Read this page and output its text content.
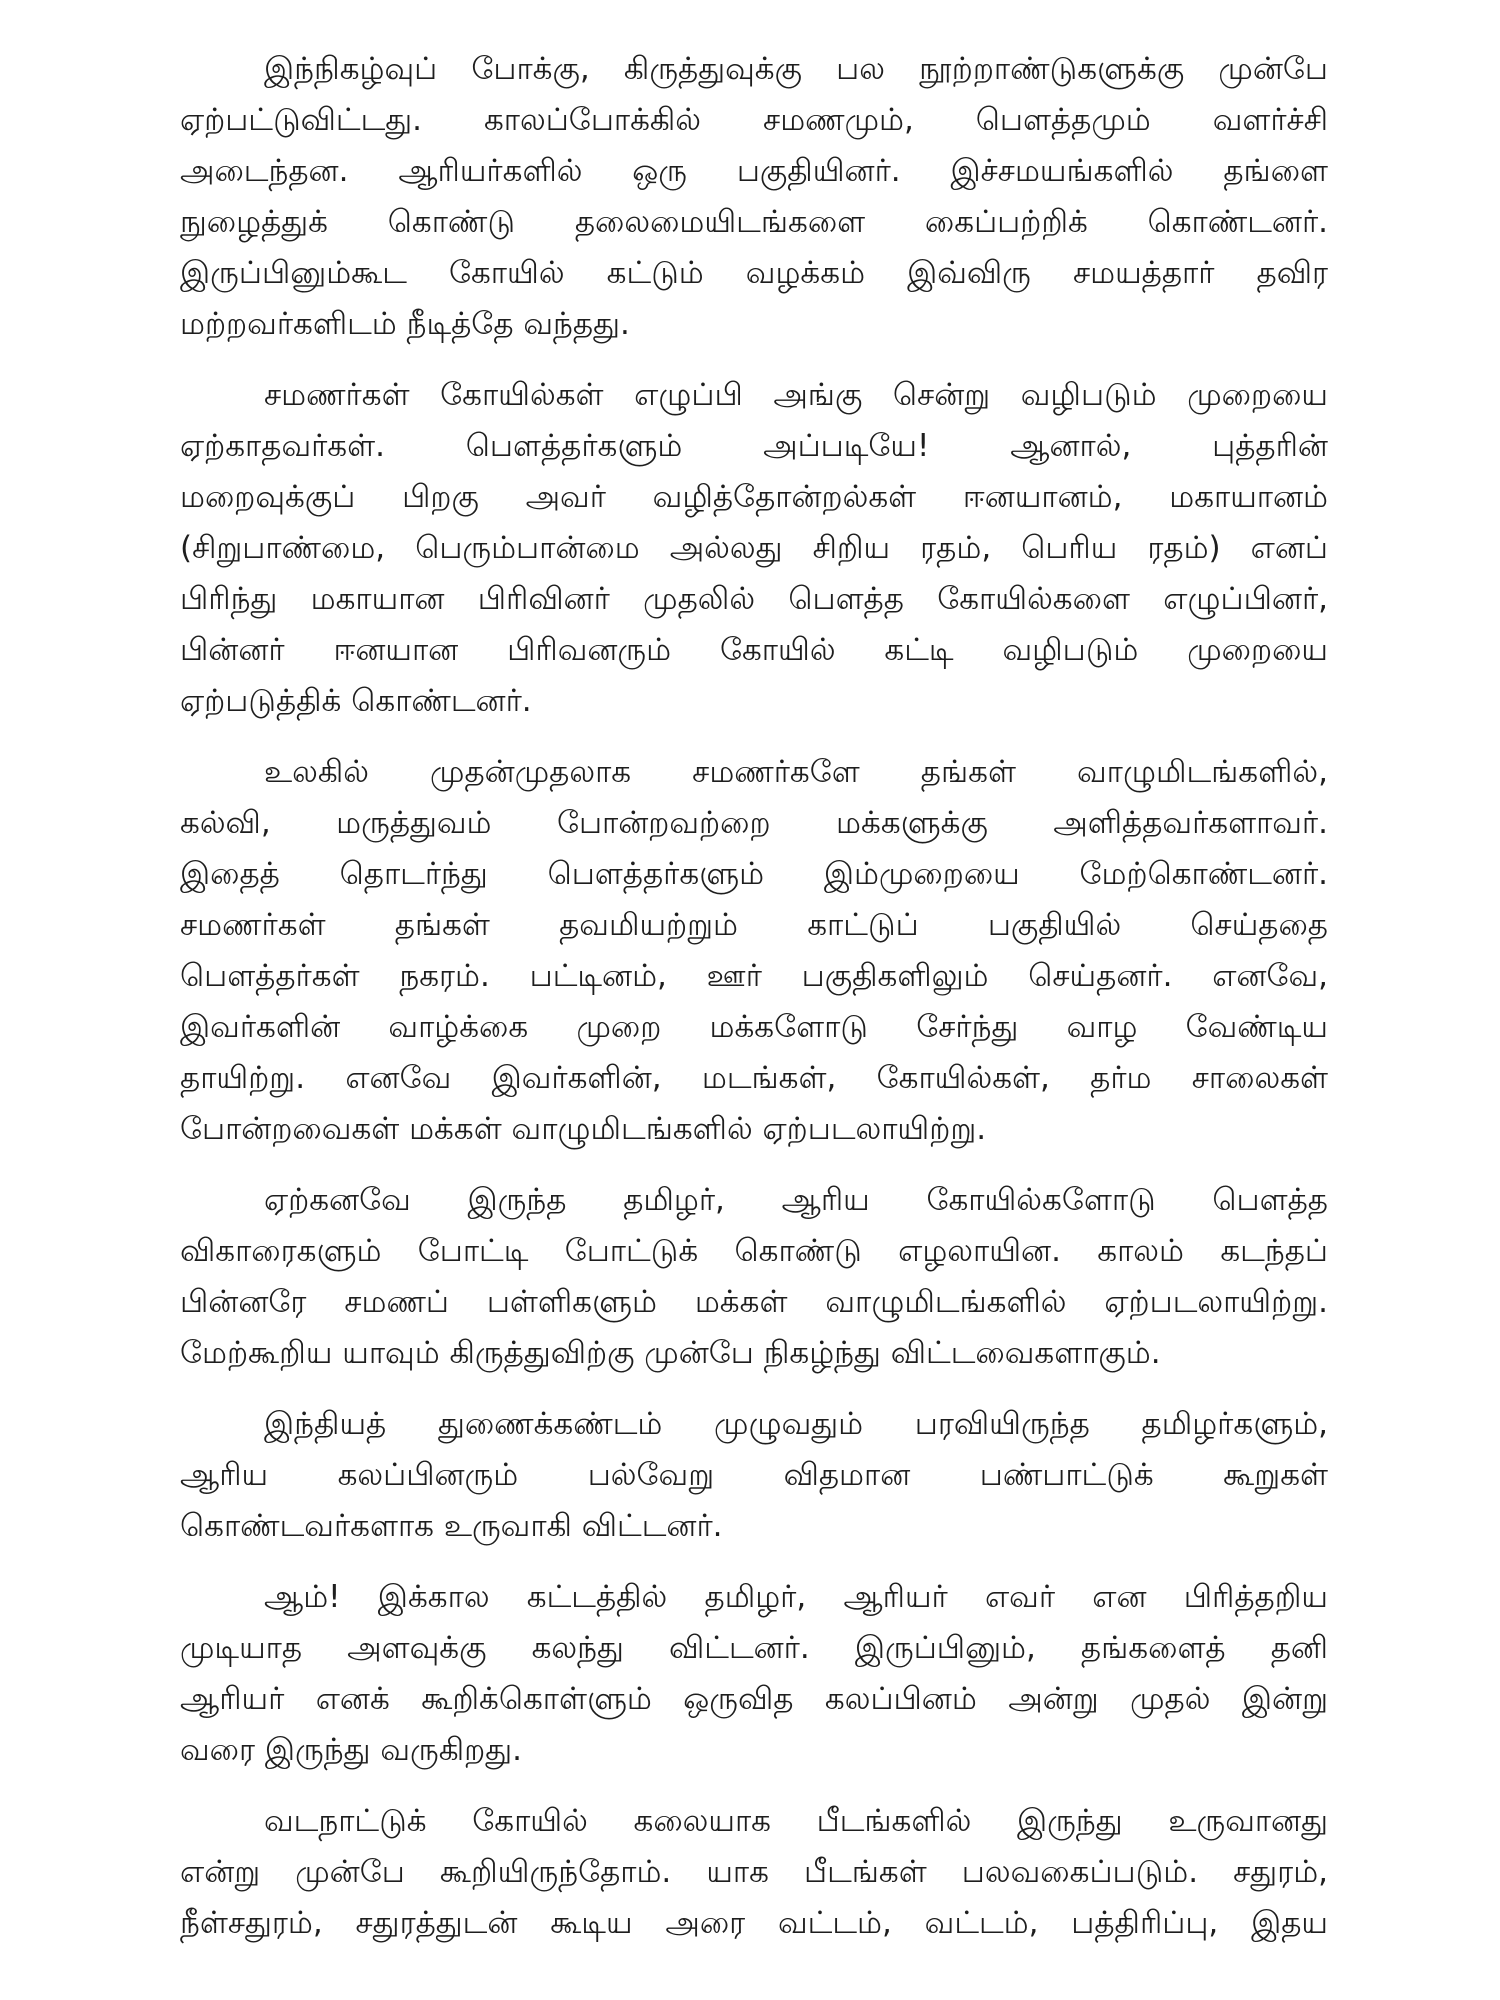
இந்நிகழ்வுப் போக்கு, கிருத்துவுக்கு பல நூற்றாண்டுகளுக்கு முன்பே
ஏற்பட்டுவிட்டது. காலப்போக்கில் சமணமும், பௌத்தமும் வளர்ச்சி
அடைந்தன. ஆரியர்களில் ஒரு பகுதியினர். இச்சமயங்களில் தங்ளை
நுழைத்துக் கொண்டு தலைமையிடங்களை கைப்பற்றிக் கொண்டனர்.
இருப்பினும்கூட கோயில் கட்டும் வழக்கம் இவ்விரு சமயத்தார் தவிர
மற்றவர்களிடம் நீடித்தே வந்தது.
சமணர்கள் கோயில்கள் எழுப்பி அங்கு சென்று வழிபடும் முறையை
ஏற்காதவர்கள். பௌத்தர்களும் அப்படியே! ஆனால், புத்தரின்
மறைவுக்குப் பிறகு அவர் வழித்தோன்றல்கள் ஈனயானம், மகாயானம்
(சிறுபாண்மை, பெரும்பான்மை அல்லது சிறிய ரதம், பெரிய ரதம்) எனப்
பிரிந்து மகாயான பிரிவினர் முதலில் பௌத்த கோயில்களை எழுப்பினர்,
பின்னர் ஈனயான பிரிவனரும் கோயில் கட்டி வழிபடும் முறையை
ஏற்படுத்திக் கொண்டனர்.
உலகில் முதன்முதலாக சமணர்களே தங்கள் வாழுமிடங்களில்,
கல்வி, மருத்துவம் போன்றவற்றை மக்களுக்கு அளித்தவர்களாவர்.
இதைத் தொடர்ந்து பௌத்தர்களும் இம்முறையை மேற்கொண்டனர்.
சமணர்கள் தங்கள் தவமியற்றும் காட்டுப் பகுதியில் செய்ததை
பௌத்தர்கள் நகரம். பட்டினம், ஊர் பகுதிகளிலும் செய்தனர். எனவே,
இவர்களின் வாழ்க்கை முறை மக்களோடு சேர்ந்து வாழ வேண்டிய
தாயிற்று. எனவே இவர்களின், மடங்கள், கோயில்கள், தர்ம சாலைகள்
போன்றவைகள் மக்கள் வாழுமிடங்களில் ஏற்படலாயிற்று.
ஏற்கனவே இருந்த தமிழர், ஆரிய கோயில்களோடு பௌத்த
விகாரைகளும் போட்டி போட்டுக் கொண்டு எழலாயின. காலம் கடந்தப்
பின்னரே சமணப் பள்ளிகளும் மக்கள் வாழுமிடங்களில் ஏற்படலாயிற்று.
மேற்கூறிய யாவும் கிருத்துவிற்கு முன்பே நிகழ்ந்து விட்டவைகளாகும்.
இந்தியத் துணைக்கண்டம் முழுவதும் பரவியிருந்த தமிழர்களும்,
ஆரிய கலப்பினரும் பல்வேறு விதமான பண்பாட்டுக் கூறுகள்
கொண்டவர்களாக உருவாகி விட்டனர்.
ஆம்! இக்கால கட்டத்தில் தமிழர், ஆரியர் எவர் என பிரித்தறிய
முடியாத அளவுக்கு கலந்து விட்டனர். இருப்பினும், தங்களைத் தனி
ஆரியர் எனக் கூறிக்கொள்ளும் ஒருவித கலப்பினம் அன்று முதல் இன்று
வரை இருந்து வருகிறது.
வடநாட்டுக் கோயில் கலையாக பீடங்களில் இருந்து உருவானது
என்று முன்பே கூறியிருந்தோம். யாக பீடங்கள் பலவகைப்படும். சதுரம்,
நீள்சதுரம், சதுரத்துடன் கூடிய அரை வட்டம், வட்டம், பத்திரிப்பு, இதய
